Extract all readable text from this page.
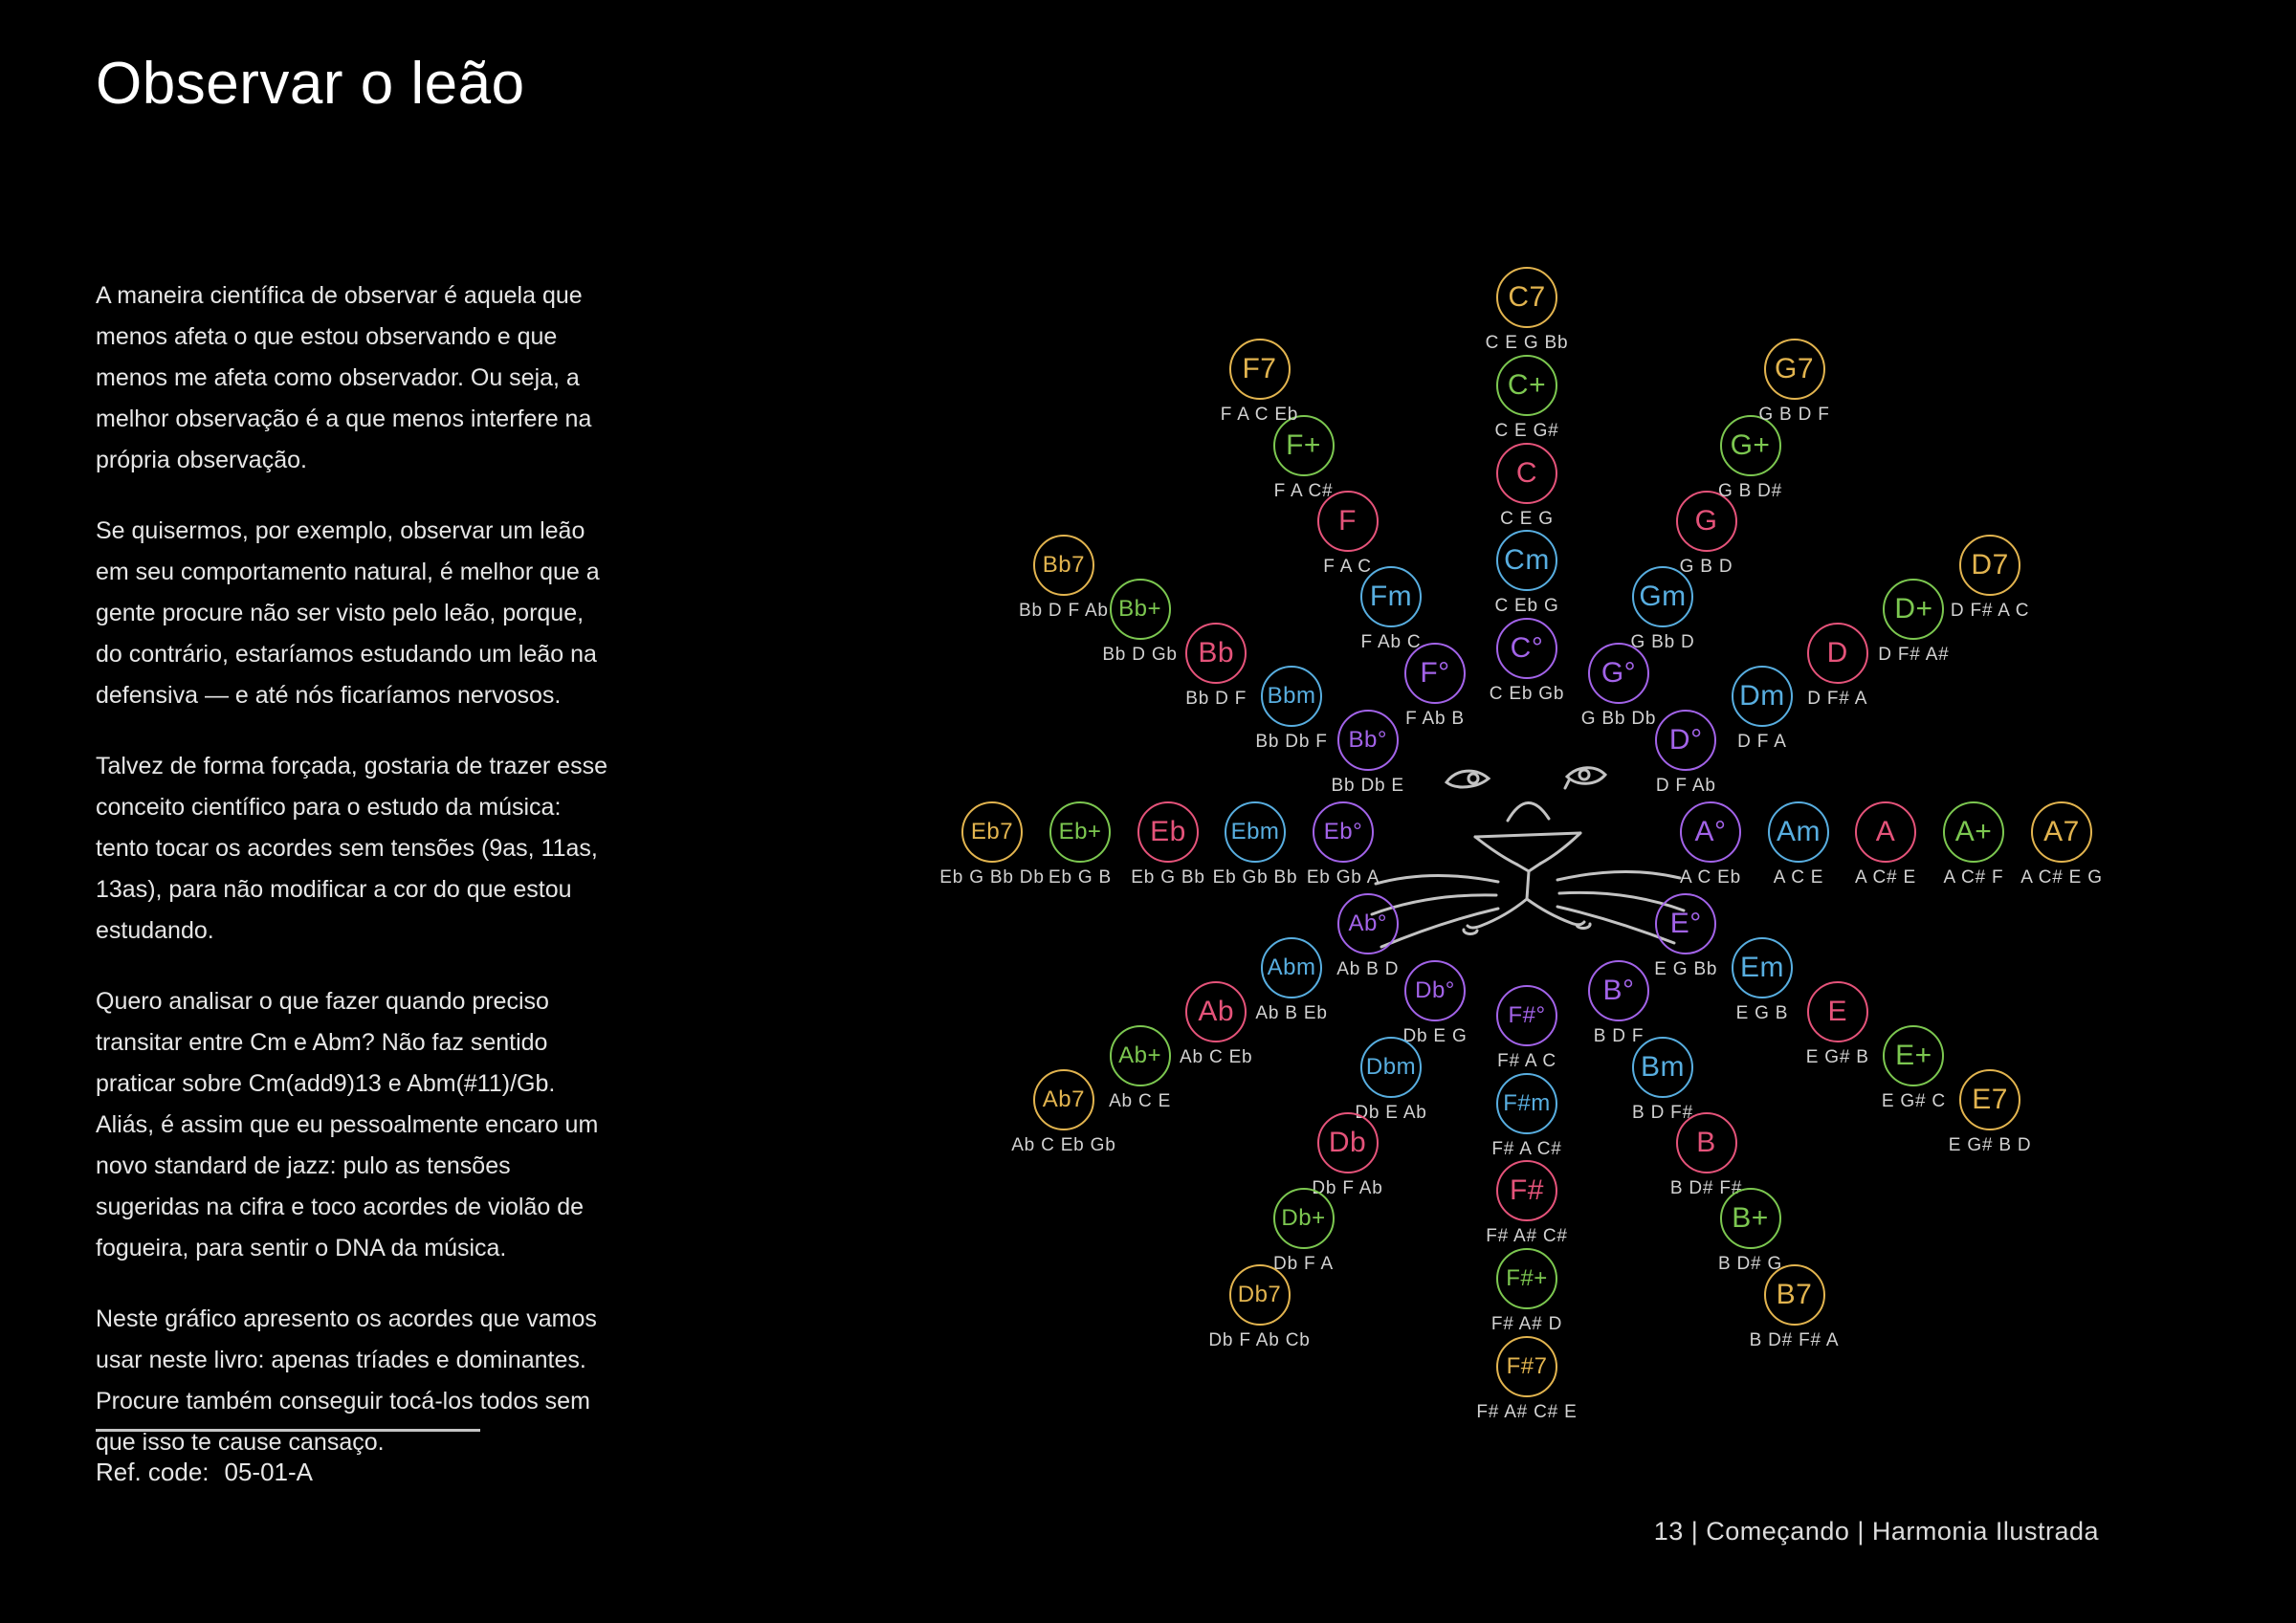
Observar o leão

A maneira científica de observar é aquela que menos afeta o que estou observando e que menos me afeta como observador. Ou seja, a melhor observação é a que menos interfere na própria observação.

Se quisermos, por exemplo, observar um leão em seu comportamento natural, é melhor que a gente procure não ser visto pelo leão, porque, do contrário, estaríamos estudando um leão na defensiva — e até nós ficaríamos nervosos.

Talvez de forma forçada, gostaria de trazer esse conceito científico para o estudo da música: tento tocar os acordes sem tensões (9as, 11as, 13as), para não modificar a cor do que estou estudando.

Quero analisar o que fazer quando preciso transitar entre Cm e Abm? Não faz sentido praticar sobre Cm(add9)13 e Abm(#11)/Gb. Aliás, é assim que eu pessoalmente encaro um novo standard de jazz: pulo as tensões sugeridas na cifra e toco acordes de violão de fogueira, para sentir o DNA da música.

Neste gráfico apresento os acordes que vamos usar neste livro: apenas tríades e dominantes. Procure também conseguir tocá-los todos sem que isso te cause cansaço.

Ref. code: 05-01-A
13 | Começando | Harmonia Ilustrada
C°
C Eb Gb
Cm
C Eb G
C
C E G
C+
C E G#
C7
C E G Bb
G°
G Bb Db
Gm
G Bb D
G
G B D
G+
G B D#
G7
G B D F
D°
D F Ab
Dm
D F A
D
D F# A
D+
D F# A#
D7
D F# A C
A°
A C Eb
Am
A C E
A
A C# E
A+
A C# F
A7
A C# E G
E°
E G Bb Em
E G B	E
E G# B E+
E G# C E7
E G# B D
B°
B D F
Bm
B D F#
B
B D# F#
B+
B D# G
B7
B D# F# A
F#°
F# A C
F#m
F# A C#
F#
F# A# C#
F#+
F# A# D
F#7
F# A# C# E
Db°
Db E G
Dbm
Db E Ab
Db
Db F Ab
Db+
Db F A
Db7
Db F Ab Cb
Ab°
Ab B D
Abm
Ab B Eb
Ab
Ab C Eb
Ab+
Ab C E
Ab7
Ab C Eb Gb
Eb°
Eb Gb A
Ebm
Eb Gb Bb
Eb
Eb G Bb
Eb+
Eb G B
Eb7
Eb G Bb Db
Bb°
Bb Db E
Bbm
Bb Db F
Bb
Bb D F
Bb+
Bb D Gb
Bb7
Bb D F Ab
F°
F Ab B
Fm
F Ab C
F
F A C
F+
F A C#
F7
F A C Eb
